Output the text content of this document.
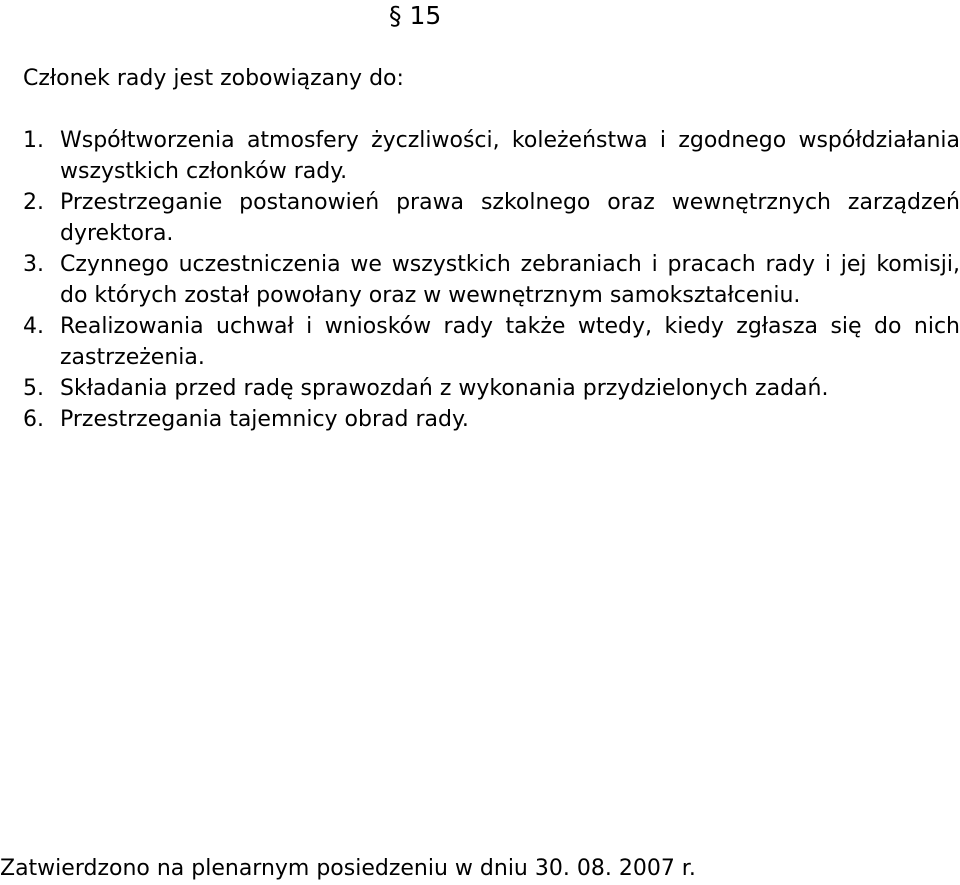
§ 15
Członek rady jest zobowiązany do:
1. Współtworzenia atmosfery życzliwości, koleżeństwa i zgodnego współdziałania wszystkich członków rady.
2. Przestrzeganie postanowień prawa szkolnego oraz wewnętrznych zarządzeń dyrektora.
3. Czynnego uczestniczenia we wszystkich zebraniach i pracach rady i jej komisji, do których został powołany oraz w wewnętrznym samokształceniu.
4. Realizowania uchwał i wniosków rady także wtedy, kiedy zgłasza się do nich zastrzeżenia.
5. Składania przed radę sprawozdań z wykonania przydzielonych zadań.
6. Przestrzegania tajemnicy obrad rady.
Zatwierdzono na plenarnym posiedzeniu w dniu 30. 08. 2007 r.
